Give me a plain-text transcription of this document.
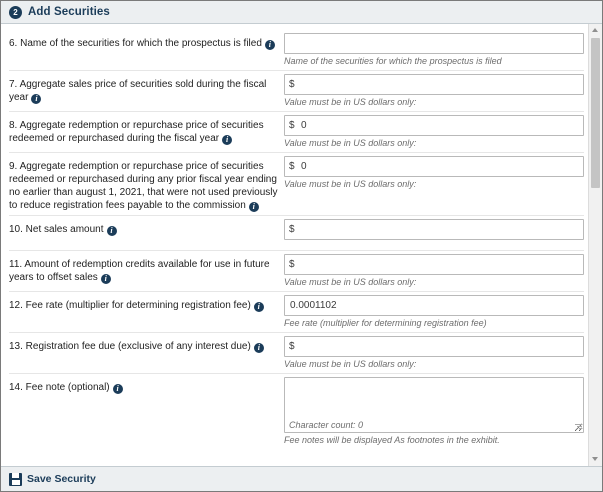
2 Add Securities
6. Name of the securities for which the prospectus is filed i
Name of the securities for which the prospectus is filed
7. Aggregate sales price of securities sold during the fiscal year i
$
Value must be in US dollars only:
8. Aggregate redemption or repurchase price of securities redeemed or repurchased during the fiscal year i
$
0
Value must be in US dollars only:
9. Aggregate redemption or repurchase price of securities redeemed or repurchased during any prior fiscal year ending no earlier than august 1, 2021, that were not used previously to reduce registration fees payable to the commission i
$
0
Value must be in US dollars only:
10. Net sales amount i	$
11. Amount of redemption credits available for use in future years to offset sales i
$
Value must be in US dollars only:
12. Fee rate (multiplier for determining registration fee) i
0.0001102
Fee rate (multiplier for determining registration fee)
13. Registration fee due (exclusive of any interest due) i	$
Value must be in US dollars only:
14. Fee note (optional) i
Character count: 0
Fee notes will be displayed As footnotes in the exhibit.
Save Security
